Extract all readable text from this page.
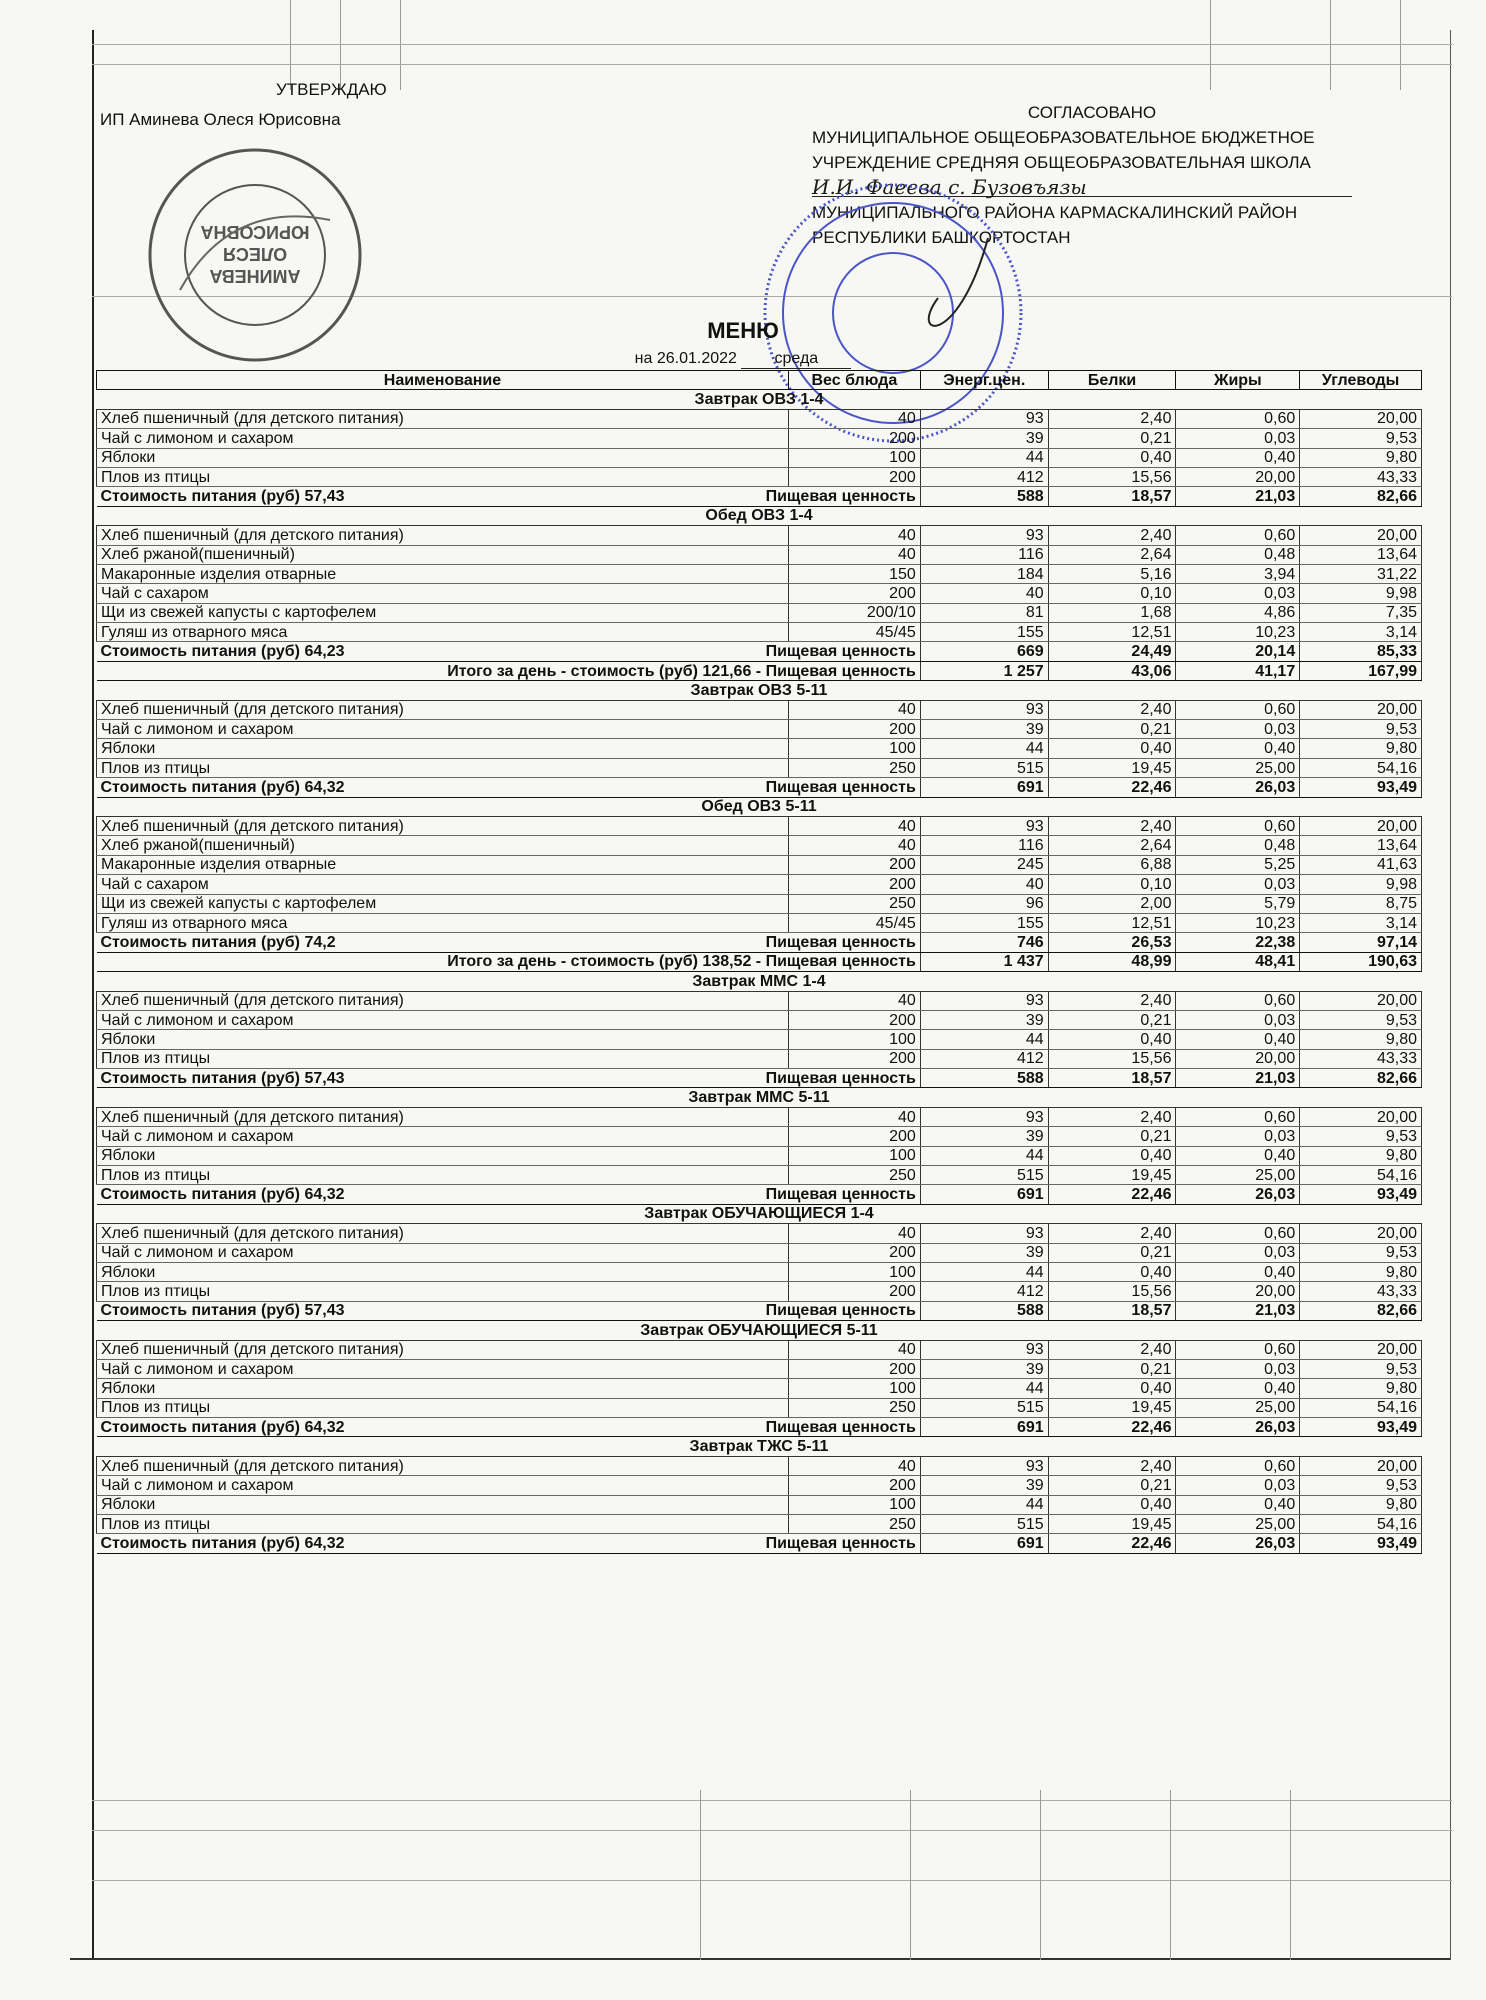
УТВЕРЖДАЮ
ИП Аминева Олеся Юрисовна
АМИНЕВА
ОЛЕСЯ
ЮРИСОВНА
СОГЛАСОВАНО
МУНИЦИПАЛЬНОЕ ОБЩЕОБРАЗОВАТЕЛЬНОЕ БЮДЖЕТНОЕ
УЧРЕЖДЕНИЕ СРЕДНЯЯ ОБЩЕОБРАЗОВАТЕЛЬНАЯ ШКОЛА
И.И. Фаеева с. Бузовъязы
МУНИЦИПАЛЬНОГО РАЙОНА КАРМАСКАЛИНСКИЙ РАЙОН
РЕСПУБЛИКИ БАШКОРТОСТАН
МЕНЮ
на 26.01.2022 среда
Наименование	Вес блюда	Энерг.цен.	Белки	Жиры	Углеводы
Завтрак ОВЗ 1-4					
Хлеб пшеничный (для детского питания)	40	93	2,40	0,60	20,00
Чай с лимоном и сахаром	200	39	0,21	0,03	9,53
Яблоки	100	44	0,40	0,40	9,80
Плов из птицы	200	412	15,56	20,00	43,33

Стоимость питания (руб) 57,43 Пищевая ценность		588	18,57	21,03	82,66
Обед ОВЗ 1-4					
Хлеб пшеничный (для детского питания)	40	93	2,40	0,60	20,00
Хлеб ржаной(пшеничный)	40	116	2,64	0,48	13,64
Макаронные изделия отварные	150	184	5,16	3,94	31,22
Чай с сахаром	200	40	0,10	0,03	9,98
Щи из свежей капусты с картофелем	200/10	81	1,68	4,86	7,35
Гуляш из отварного мяса	45/45	155	12,51	10,23	3,14

Стоимость питания (руб) 64,23 Пищевая ценность		669	24,49	20,14	85,33
Итого за день - стоимость (руб) 121,66 - Пищевая ценность		1 257	43,06	41,17	167,99
Завтрак ОВЗ 5-11					
Хлеб пшеничный (для детского питания)	40	93	2,40	0,60	20,00
Чай с лимоном и сахаром	200	39	0,21	0,03	9,53
Яблоки	100	44	0,40	0,40	9,80
Плов из птицы	250	515	19,45	25,00	54,16

Стоимость питания (руб) 64,32 Пищевая ценность		691	22,46	26,03	93,49
Обед ОВЗ 5-11					
Хлеб пшеничный (для детского питания)	40	93	2,40	0,60	20,00
Хлеб ржаной(пшеничный)	40	116	2,64	0,48	13,64
Макаронные изделия отварные	200	245	6,88	5,25	41,63
Чай с сахаром	200	40	0,10	0,03	9,98
Щи из свежей капусты с картофелем	250	96	2,00	5,79	8,75
Гуляш из отварного мяса	45/45	155	12,51	10,23	3,14

Стоимость питания (руб) 74,2 Пищевая ценность		746	26,53	22,38	97,14
Итого за день - стоимость (руб) 138,52 - Пищевая ценность		1 437	48,99	48,41	190,63
Завтрак ММС 1-4					
Хлеб пшеничный (для детского питания)	40	93	2,40	0,60	20,00
Чай с лимоном и сахаром	200	39	0,21	0,03	9,53
Яблоки	100	44	0,40	0,40	9,80
Плов из птицы	200	412	15,56	20,00	43,33

Стоимость питания (руб) 57,43 Пищевая ценность		588	18,57	21,03	82,66
Завтрак ММС 5-11					
Хлеб пшеничный (для детского питания)	40	93	2,40	0,60	20,00
Чай с лимоном и сахаром	200	39	0,21	0,03	9,53
Яблоки	100	44	0,40	0,40	9,80
Плов из птицы	250	515	19,45	25,00	54,16

Стоимость питания (руб) 64,32 Пищевая ценность		691	22,46	26,03	93,49
Завтрак ОБУЧАЮЩИЕСЯ 1-4					
Хлеб пшеничный (для детского питания)	40	93	2,40	0,60	20,00
Чай с лимоном и сахаром	200	39	0,21	0,03	9,53
Яблоки	100	44	0,40	0,40	9,80
Плов из птицы	200	412	15,56	20,00	43,33

Стоимость питания (руб) 57,43 Пищевая ценность		588	18,57	21,03	82,66
Завтрак ОБУЧАЮЩИЕСЯ 5-11					
Хлеб пшеничный (для детского питания)	40	93	2,40	0,60	20,00
Чай с лимоном и сахаром	200	39	0,21	0,03	9,53
Яблоки	100	44	0,40	0,40	9,80
Плов из птицы	250	515	19,45	25,00	54,16

Стоимость питания (руб) 64,32 Пищевая ценность		691	22,46	26,03	93,49
Завтрак ТЖС 5-11					
Хлеб пшеничный (для детского питания)	40	93	2,40	0,60	20,00
Чай с лимоном и сахаром	200	39	0,21	0,03	9,53
Яблоки	100	44	0,40	0,40	9,80
Плов из птицы	250	515	19,45	25,00	54,16

Стоимость питания (руб) 64,32 Пищевая ценность		691	22,46	26,03	93,49
